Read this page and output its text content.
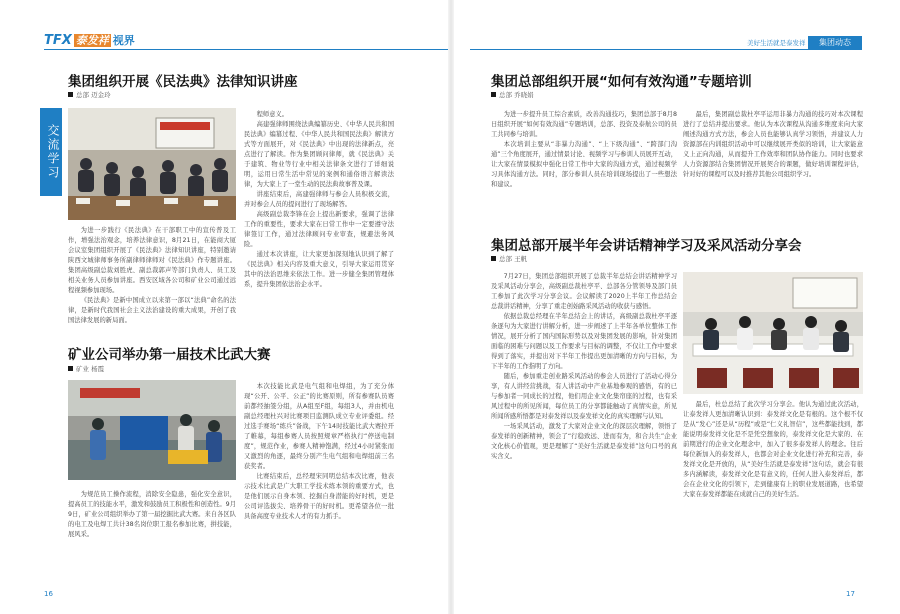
TFX 泰发祥 视界	美好生活就是泰发祥	集团动态
集团组织开展《民法典》法律知识讲座
总部 迈金玲
交流学习

为进一步践行《民法典》在干部职工中的宣传普及工作，增强法治观念，培养法律意识，8月21日，在能商大厦会议室集团组织开展了《民法典》法律知识讲座，特别邀请陕西文城律师事务所副律师律师对《民法典》作专题讲座。集团高级副总裁刘胜虎、副总裁郭声等部门负责人、员工及相关业务人员参加讲座。西安区域各公司和矿业公司通过远程视频参加现场。

《民法典》是新中国成立以来第一部以“法典”命名的法律，是新时代我国社会主义法治建设的重大成果，开创了我国法律发展的新局面。

程师意义。

高建强律师围绕法典编纂历史、《中华人民共和国民法典》编纂过程、《中华人民共和国民法典》解读方式等方面展开，对《民法典》中出现的法律新点，亮点进行了解读。作为集团顾问律师，就《民法典》关于建筑、物业等行业中相关法律条文进行了详细说明，运用日常生活中常见的案例和通俗语言解读法律，为大家上了一堂生动的民法典故事普及课。

讲座结束后，高建强律师与参会人员积极交流，并对参会人员的提问进行了现场解答。

高级副总裁李锋在会上提出新要求，强调了法律工作的重要性，要求大家在日常工作中一定要遵守法律签订工作，通过法律顾问专业审查，规避法务风险。

通过本次讲座，让大家更加深刻地认识到了解了《民法典》相关内容及重大意义，引导大家运用贯穿其中的法治思维来依法工作。进一步健全集团管理体系，提升集团依法治企水平。

矿业公司举办第一届技术比武大赛
矿业 杨霞

为规范员工操作流程，消除安全隐患，强化安全意识，提高员工的技能水平，激发和鼓励员工积极性和创造性。9月9日，矿业公司组织举办了第一届挖掘比武大赛。来自各区队的电工及电焊工共计38名岗位职工报名参加比赛，拼技能，展风采。

本次技能比武是电气组和电焊组，为了充分体现“公开、公平、公正”的比赛原则，所有参赛队员赛前都经抽签分组，从A组至F组，每组3人，并由机电副总经理杜兴对比赛项目监测队成立专业评委组。经过选手赛场“练兵”备战，下午14时技能比武大赛拉开了帷幕，每组参赛人员按照规章严格执行“停送电制度”，规范作业，参赛人精神饱满，经过4小时紧张而又激烈的角逐，最终分别产生电气组和电焊组前三名获奖者。

比赛结束后，总经理宋同明总结本次比赛，他表示技术比武是广大职工学技术练本领的重要方式，也是他们展示自身本领、挖掘自身潜能的好时机，更是公司评选拔尖、培养骨干的好时机。更希望各位一批具备高度专业技术人才的有力抓手。

16
集团总部组织开展“如何有效沟通”专题培训
总部 乔晓娟

为进一步提升员工综合素质，改善沟通技巧，集团总部于8月8日组织开展“如何有效沟通”专题培训，总部、投资及泰航公司的员工共同参与培训。

本次培训主要从“非暴力沟通”、“上下级沟通”、“跨部门沟通”三个角度展开，通过情景讨论、视频学习与参训人员展开互动，让大家在情景模拟中强化日常工作中大家的沟通方式，通过视频学习具体沟通方法。同时，部分参训人员在培训现场提出了一些想法和建议。

最后，集团副总裁杜亭平运用非暴力沟通的技巧对本次课程进行了总结并提出要求。他认为本次课程从沟通多维度来向大家阐述沟通方式方法，参会人员也能够认真学习领悟，并建议人力资源部在内训组织活动中可以继续展开类似的培训，让大家能意义上正向沟通，从而提升工作效率和团队协作能力。同时也要求人力资源部结合集团情况开展契合的课题，做好培训课程评估，针对好的课程可以及时推荐其他公司组织学习。

集团总部开展半年会讲话精神学习及采风活动分享会
总部 王帆

7月27日，集团总部组织开展了总裁半年总结会讲话精神学习及采风活动分享会，高级副总裁杜亭平、总部各分管领导及部门员工参加了此次学习分享会议。会议解读了2020上半年工作总结会总裁讲话精神，分享了重走创始路采风活动的收获与感悟。

依据总裁总经理在半年总结会上的讲话，高级副总裁杜亭平逐条逐句为大家进行讲解分析，进一步阐述了上半年各单位整体工作情况，展开分析了国内国际形势以及对集团发展的影响，针对集团面临的困难与问题以及工作要求与目标的调整，不仅让工作中要求得到了落实，并提出对下半年工作提出更加清晰的方向与目标，为下半年的工作指明了方向。

随后，参加重走创业路采风活动的参会人员进行了活动心得分享，有人讲经营挑战，有人讲活动中产业基地参观的感悟，有的已与参加者一同成长的过程，他们用企业文化集帘座的过程，也有采风过程中的所见所闻，每位员工的分享都能触动了真情实意，所见所闻所感所悟都是对泰发祥以及泰发祥文化的真实理解与认知。

一场采风活动，激发了大家对企业文化的深层次理解，领悟了泰发祥的创新精神，领会了“行稳致远、进而有为，和合共生”企业文化核心价值观，更是理解了“美好生活就是泰发祥”这句口号的真实含义。

最后，杜总总结了此次学习分享会。他认为通过此次活动，让泰发祥人更加清晰认识到：泰发祥文化是有根的。这个根不仅是从“发心”还是从“历程”或是“仁义礼智信”，这些都能找到，都能说明泰发祥文化是不是凭空想象的，泰发祥文化是大家的、在前期进行的企业文化理念中，加入了很多泰发祥人的理念。往后每位新加入的泰发祥人，也都会对企业文化进行补充和完善，泰发祥文化是开放的，从“美好生活就是泰发祥”这句话，就会有很多内涵解读，泰发祥文化是有意义的，任何人进入泰发祥后，都会在企业文化的引领下，走到健康有上的职业发展道路，也希望大家在泰发祥都能在成就自己的美好生活。

17
